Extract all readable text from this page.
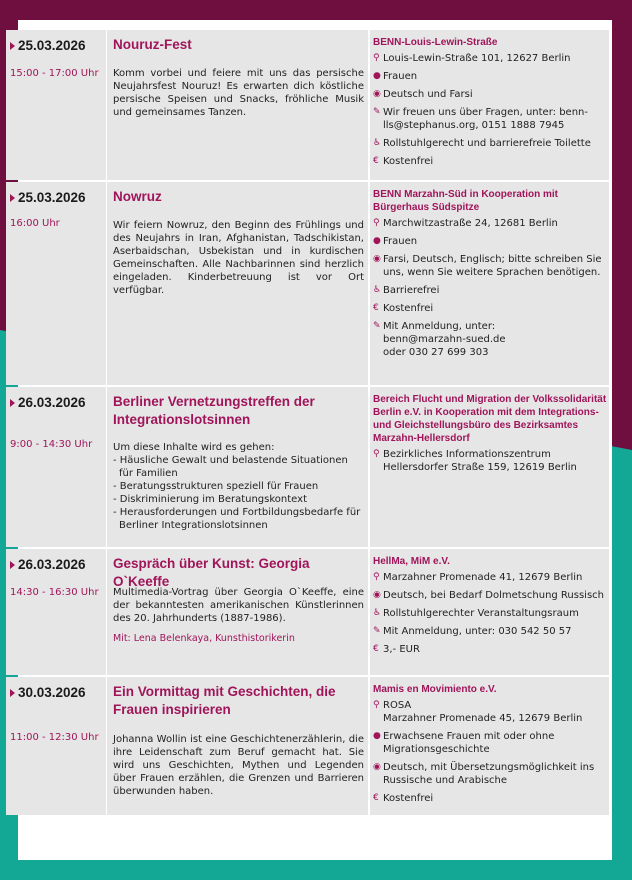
25.03.2026
15:00 - 17:00 Uhr
Nouruz-Fest
Komm vorbei und feiere mit uns das persische Neujahrsfest Nouruz! Es erwarten dich köstliche persische Speisen und Snacks, fröhliche Musik und gemeinsames Tanzen.
BENN-Louis-Lewin-Straße
⚲ Louis-Lewin-Straße 101, 12627 Berlin
● Frauen
◉ Deutsch und Farsi
✎ Wir freuen uns über Fragen, unter: benn-lls@stephanus.org, 0151 1888 7945
♿ Rollstuhlgerecht und barrierefreie Toilette
€ Kostenfrei
25.03.2026
16:00 Uhr
Nowruz
Wir feiern Nowruz, den Beginn des Frühlings und des Neujahrs in Iran, Afghanistan, Tadschikistan, Aserbaidschan, Usbekistan und in kurdischen Gemeinschaften. Alle Nachbarinnen sind herzlich eingeladen. Kinderbetreuung ist vor Ort verfügbar.
BENN Marzahn-Süd in Kooperation mit Bürgerhaus Südspitze
⚲ Marchwitzastraße 24, 12681 Berlin
● Frauen
◉ Farsi, Deutsch, Englisch; bitte schreiben Sie uns, wenn Sie weitere Sprachen benötigen.
♿ Barrierefrei
€ Kostenfrei
✎ Mit Anmeldung, unter:
benn@marzahn-sued.de
oder 030 27 699 303
26.03.2026
9:00 - 14:30 Uhr
Berliner Vernetzungstreffen der Integrationslotsinnen
Um diese Inhalte wird es gehen:
- Häusliche Gewalt und belastende Situationen für Familien
- Beratungsstrukturen speziell für Frauen
- Diskriminierung im Beratungskontext
- Herausforderungen und Fortbildungsbedarfe für Berliner Integrationslotsinnen
Bereich Flucht und Migration der Volkssolidarität Berlin e.V. in Kooperation mit dem Integrations- und Gleichstellungsbüro des Bezirksamtes Marzahn-Hellersdorf
⚲ Bezirkliches Informationszentrum Hellersdorfer Straße 159, 12619 Berlin
26.03.2026
14:30 - 16:30 Uhr
Gespräch über Kunst: Georgia O`Keeffe
Multimedia-Vortrag über Georgia O`Keeffe, eine der bekanntesten amerikanischen Künstlerinnen des 20. Jahrhunderts (1887-1986).
Mit: Lena Belenkaya, Kunsthistorikerin
HellMa, MiM e.V.
⚲ Marzahner Promenade 41, 12679 Berlin
◉ Deutsch, bei Bedarf Dolmetschung Russisch
♿ Rollstuhlgerechter Veranstaltungsraum
✎ Mit Anmeldung, unter: 030 542 50 57
€ 3,- EUR
30.03.2026
11:00 - 12:30 Uhr
Ein Vormittag mit Geschichten, die Frauen inspirieren
Johanna Wollin ist eine Geschichtenerzählerin, die ihre Leidenschaft zum Beruf gemacht hat. Sie wird uns Geschichten, Mythen und Legenden über Frauen erzählen, die Grenzen und Barrieren überwunden haben.
Mamis en Movimiento e.V.
⚲ ROSA
Marzahner Promenade 45, 12679 Berlin
● Erwachsene Frauen mit oder ohne Migrationsgeschichte
◉ Deutsch, mit Übersetzungsmöglichkeit ins Russische und Arabische
€ Kostenfrei
